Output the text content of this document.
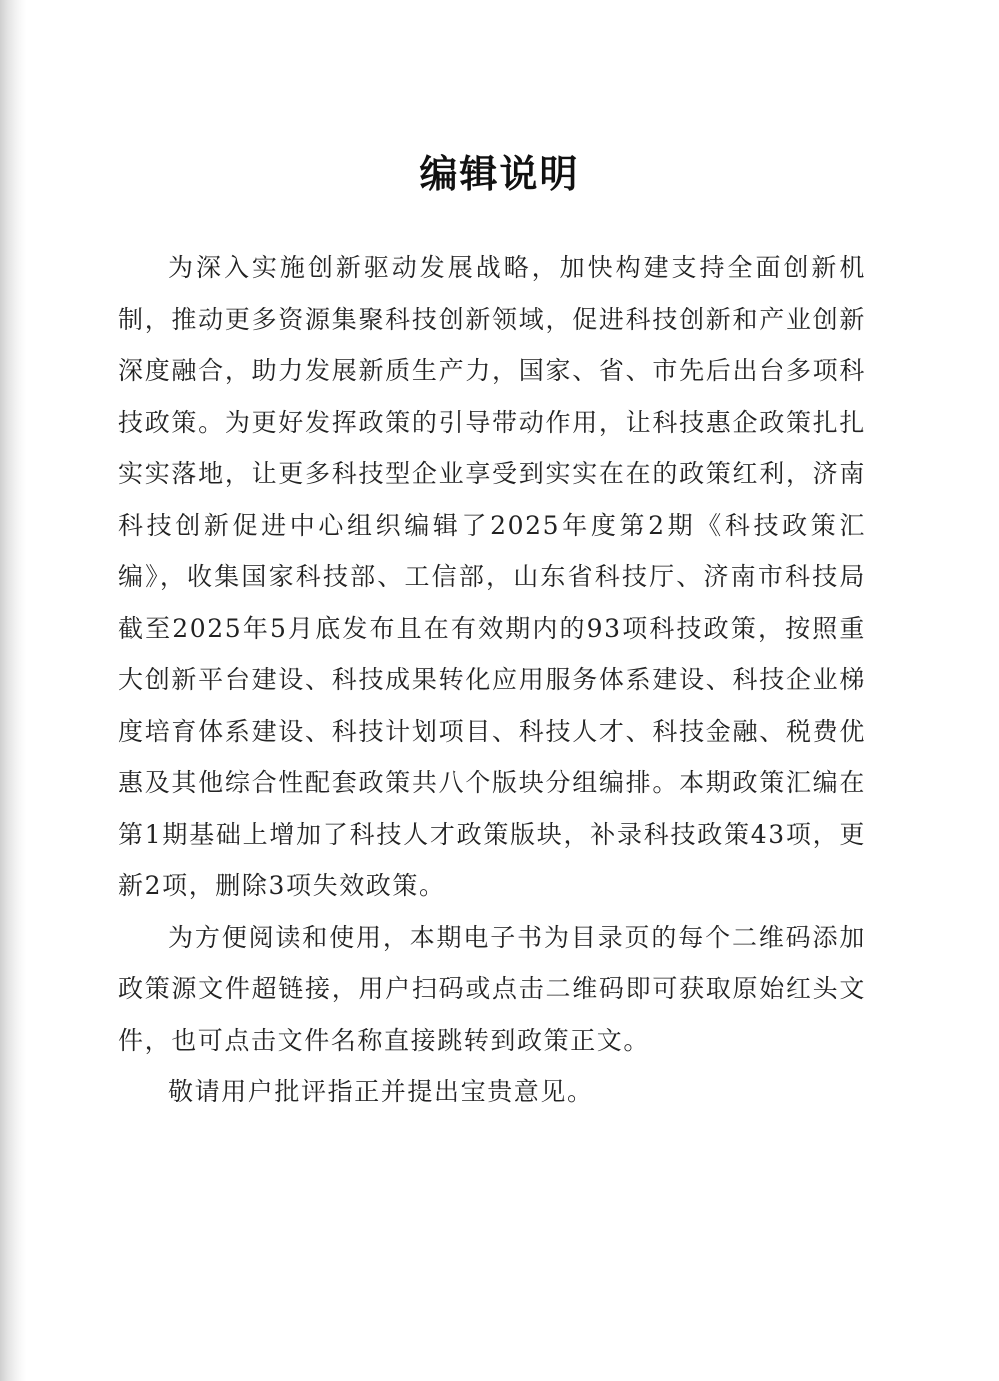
编辑说明

为深入实施创新驱动发展战略，加快构建支持全面创新机制，推动更多资源集聚科技创新领域，促进科技创新和产业创新深度融合，助力发展新质生产力，国家、省、市先后出台多项科技政策。为更好发挥政策的引导带动作用，让科技惠企政策扎扎实实落地，让更多科技型企业享受到实实在在的政策红利，济南科技创新促进中心组织编辑了2025年度第2期《科技政策汇编》，收集国家科技部、工信部，山东省科技厅、济南市科技局截至2025年5月底发布且在有效期内的93项科技政策，按照重大创新平台建设、科技成果转化应用服务体系建设、科技企业梯度培育体系建设、科技计划项目、科技人才、科技金融、税费优惠及其他综合性配套政策共八个版块分组编排。本期政策汇编在第1期基础上增加了科技人才政策版块，补录科技政策43项，更新2项，删除3项失效政策。

为方便阅读和使用，本期电子书为目录页的每个二维码添加政策源文件超链接，用户扫码或点击二维码即可获取原始红头文件，也可点击文件名称直接跳转到政策正文。

敬请用户批评指正并提出宝贵意见。
